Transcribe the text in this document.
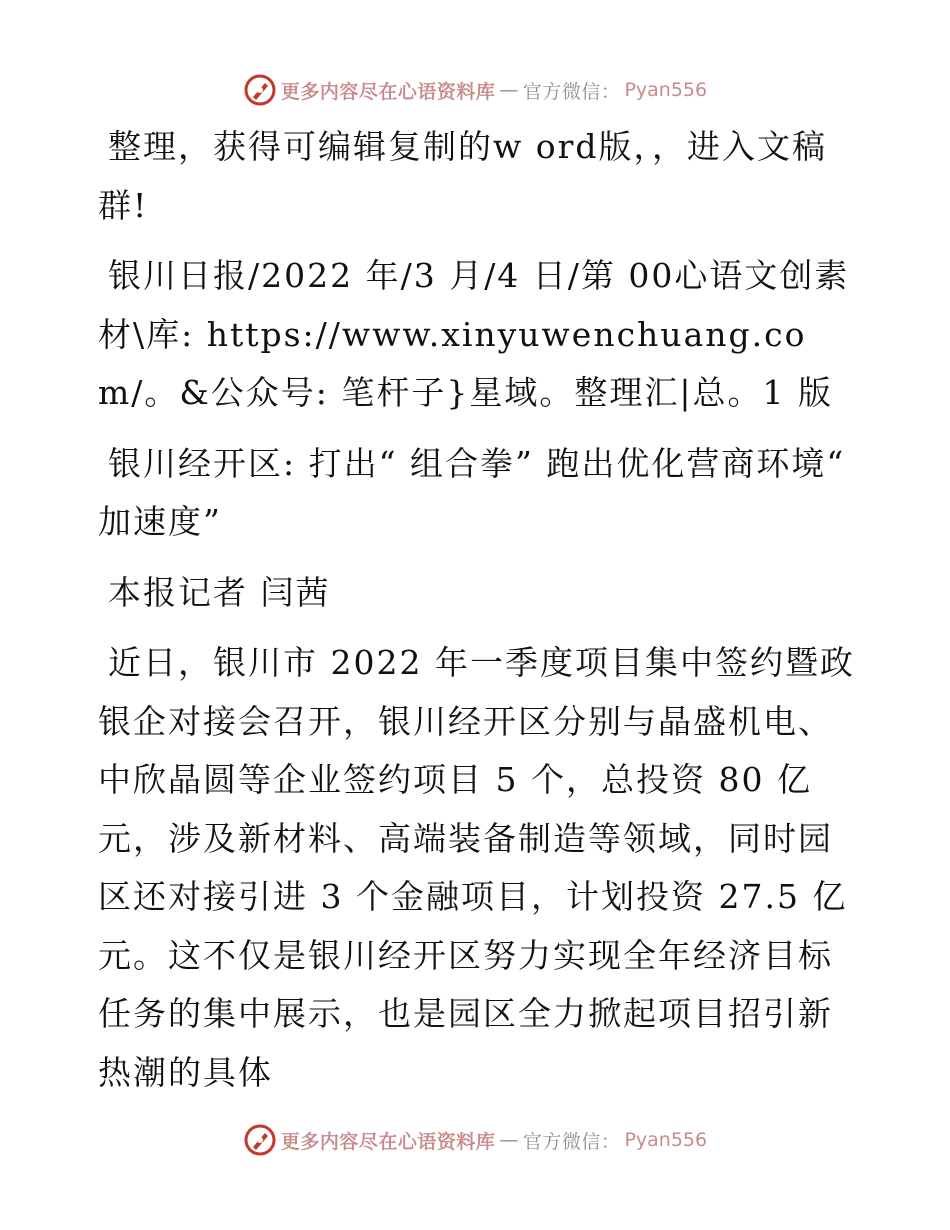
更多内容尽在心语资料库 — 官方微信： Pyan556

整理，获得可编辑复制的w ord版，，进入文稿群!

银川日报/2022 年/3 月/4 日/第 00心语文创素材\库: https://www.xinyuwenchuang.com/。&公众号: 笔杆子}星域。整理汇|总。1 版

银川经开区: 打出“ 组合拳” 跑出优化营商环境“ 加速度”

本报记者 闫茜

近日，银川市 2022 年一季度项目集中签约暨政银企对接会召开，银川经开区分别与晶盛机电、中欣晶圆等企业签约项目 5 个，总投资 80 亿元，涉及新材料、高端装备制造等领域，同时园区还对接引进 3 个金融项目，计划投资 27.5 亿元。这不仅是银川经开区努力实现全年经济目标任务的集中展示，也是园区全力掀起项目招引新热潮的具体

更多内容尽在心语资料库 — 官方微信： Pyan556
